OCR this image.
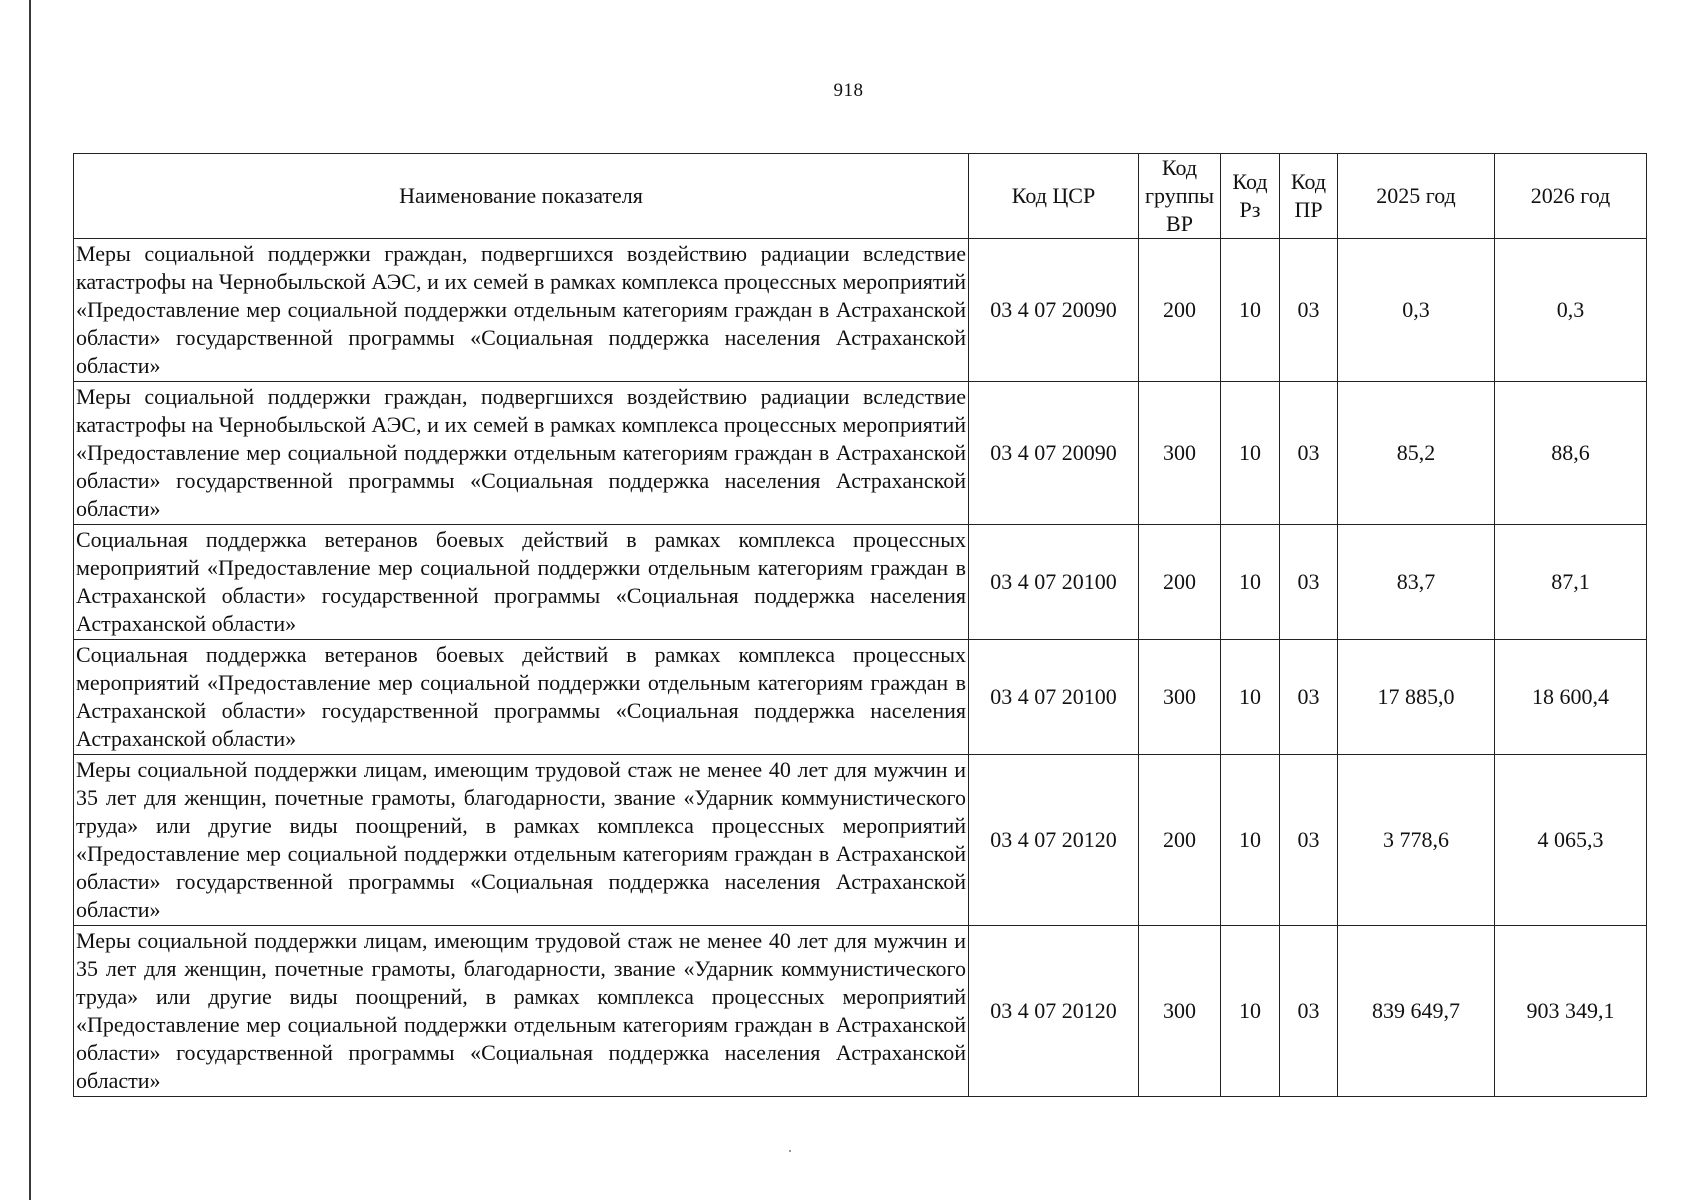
918
Наименование показателя	Код ЦСР	Код группы ВР	Код Рз	Код ПР	2025 год	2026 год
Меры социальной поддержки граждан, подвергшихся воздействию радиации вследствие катастрофы на Чернобыльской АЭС, и их семей в рамках комплекса процессных мероприятий «Предоставление мер социальной поддержки отдельным категориям граждан в Астраханской области» государственной программы «Социальная поддержка населения Астраханской области»	03 4 07 20090	200	10	03	0,3	0,3
Меры социальной поддержки граждан, подвергшихся воздействию радиации вследствие катастрофы на Чернобыльской АЭС, и их семей в рамках комплекса процессных мероприятий «Предоставление мер социальной поддержки отдельным категориям граждан в Астраханской области» государственной программы «Социальная поддержка населения Астраханской области»	03 4 07 20090	300	10	03	85,2	88,6
Социальная поддержка ветеранов боевых действий в рамках комплекса процессных мероприятий «Предоставление мер социальной поддержки отдельным категориям граждан в Астраханской области» государственной программы «Социальная поддержка населения Астраханской области»	03 4 07 20100	200	10	03	83,7	87,1
Социальная поддержка ветеранов боевых действий в рамках комплекса процессных мероприятий «Предоставление мер социальной поддержки отдельным категориям граждан в Астраханской области» государственной программы «Социальная поддержка населения Астраханской области»	03 4 07 20100	300	10	03	17 885,0	18 600,4
Меры социальной поддержки лицам, имеющим трудовой стаж не менее 40 лет для мужчин и 35 лет для женщин, почетные грамоты, благодарности, звание «Ударник коммунистического труда» или другие виды поощрений, в рамках комплекса процессных мероприятий «Предоставление мер социальной поддержки отдельным категориям граждан в Астраханской области» государственной программы «Социальная поддержка населения Астраханской области»	03 4 07 20120	200	10	03	3 778,6	4 065,3
Меры социальной поддержки лицам, имеющим трудовой стаж не менее 40 лет для мужчин и 35 лет для женщин, почетные грамоты, благодарности, звание «Ударник коммунистического труда» или другие виды поощрений, в рамках комплекса процессных мероприятий «Предоставление мер социальной поддержки отдельным категориям граждан в Астраханской области» государственной программы «Социальная поддержка населения Астраханской области»	03 4 07 20120	300	10	03	839 649,7	903 349,1
